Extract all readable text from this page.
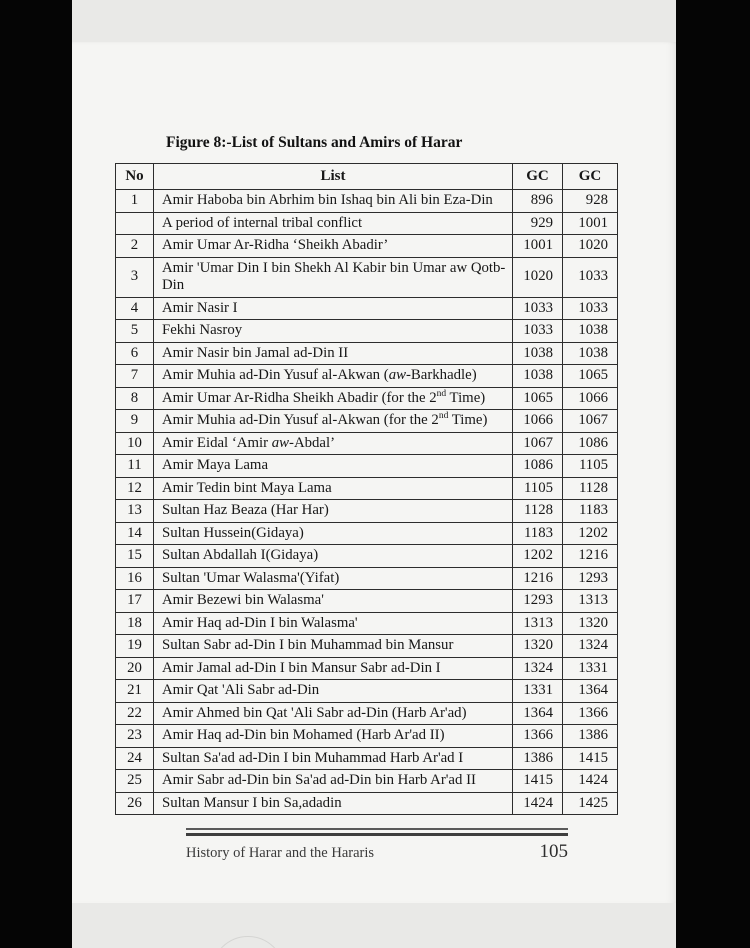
Figure 8:-List of Sultans and Amirs of Harar
No	List	GC	GC
1	Amir Haboba bin Abrhim bin Ishaq bin Ali bin Eza-Din	896	928
	A period of internal tribal conflict	929	1001
2	Amir Umar Ar-Ridha ‘Sheikh Abadir’	1001	1020
3	Amir 'Umar Din I bin Shekh Al Kabir bin Umar aw Qotb-Din	1020	1033
4	Amir Nasir I	1033	1033
5	Fekhi Nasroy	1033	1038
6	Amir Nasir bin Jamal ad-Din II	1038	1038
7	Amir Muhia ad-Din Yusuf al-Akwan (aw-Barkhadle)	1038	1065
8	Amir Umar Ar-Ridha Sheikh Abadir (for the 2nd Time)	1065	1066
9	Amir Muhia ad-Din Yusuf al-Akwan (for the 2nd Time)	1066	1067
10	Amir Eidal ‘Amir aw-Abdal’	1067	1086
11	Amir Maya Lama	1086	1105
12	Amir Tedin bint Maya Lama	1105	1128
13	Sultan Haz Beaza (Har Har)	1128	1183
14	Sultan Hussein(Gidaya)	1183	1202
15	Sultan Abdallah I(Gidaya)	1202	1216
16	Sultan 'Umar Walasma'(Yifat)	1216	1293
17	Amir Bezewi bin Walasma'	1293	1313
18	Amir Haq ad-Din I bin Walasma'	1313	1320
19	Sultan Sabr ad-Din I bin Muhammad bin Mansur	1320	1324
20	Amir Jamal ad-Din I bin Mansur Sabr ad-Din I	1324	1331
21	Amir Qat 'Ali Sabr ad-Din	1331	1364
22	Amir Ahmed bin Qat 'Ali Sabr ad-Din (Harb Ar'ad)	1364	1366
23	Amir Haq ad-Din bin Mohamed (Harb Ar'ad II)	1366	1386
24	Sultan Sa'ad ad-Din I bin Muhammad Harb Ar'ad I	1386	1415
25	Amir Sabr ad-Din bin Sa'ad ad-Din bin Harb Ar'ad II	1415	1424
26	Sultan Mansur I bin Sa,adadin	1424	1425
History of Harar and the Hararis	105
